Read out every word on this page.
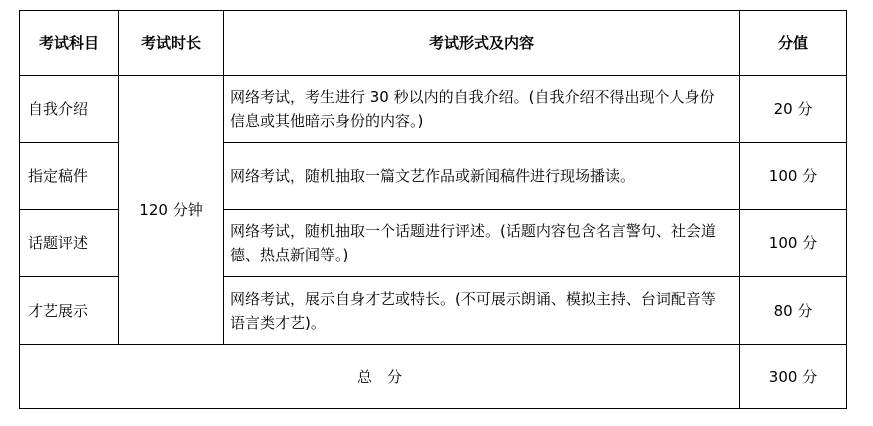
考试科目	考试时长	考试形式及内容	分值
自我介绍	120 分钟	网络考试，考生进行 30 秒以内的自我介绍。(自我介绍不得出现个人身份信息或其他暗示身份的内容。)	20 分
指定稿件		网络考试，随机抽取一篇文艺作品或新闻稿件进行现场播读。	100 分
话题评述		网络考试，随机抽取一个话题进行评述。(话题内容包含名言警句、社会道德、热点新闻等。)	100 分
才艺展示		网络考试，展示自身才艺或特长。(不可展示朗诵、模拟主持、台词配音等语言类才艺)。	80 分
总　分			300 分
